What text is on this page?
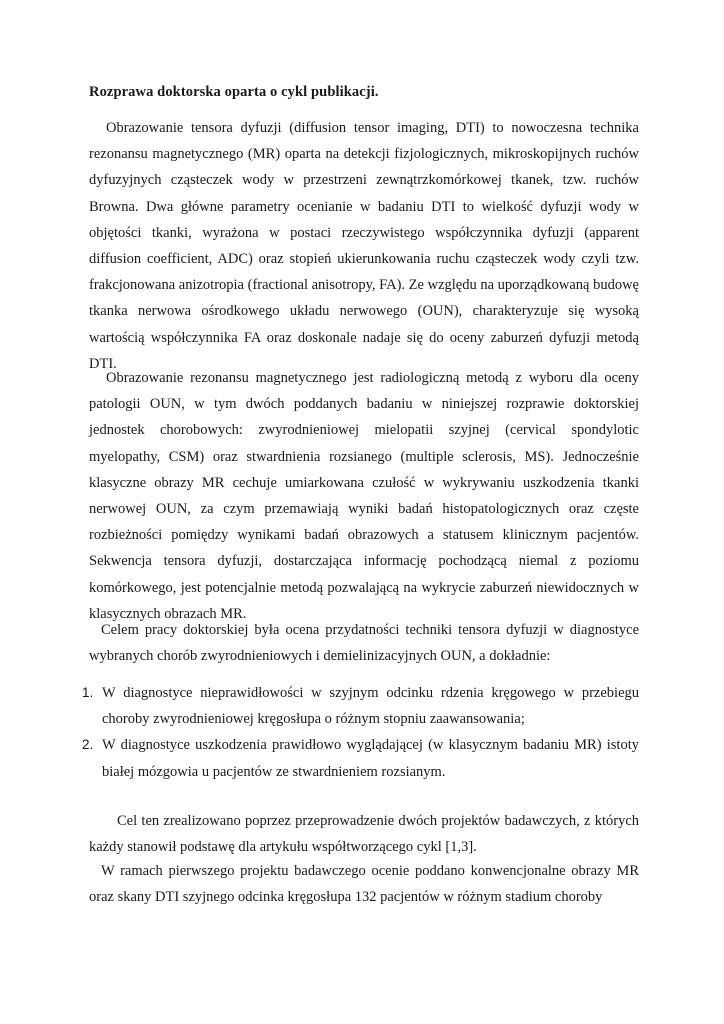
Rozprawa doktorska oparta o cykl publikacji.

Obrazowanie tensora dyfuzji (diffusion tensor imaging, DTI) to nowoczesna technika rezonansu magnetycznego (MR) oparta na detekcji fizjologicznych, mikroskopijnych ruchów dyfuzyjnych cząsteczek wody w przestrzeni zewnątrzkomórkowej tkanek, tzw. ruchów Browna. Dwa główne parametry ocenianie w badaniu DTI to wielkość dyfuzji wody w objętości tkanki, wyrażona w postaci rzeczywistego współczynnika dyfuzji (apparent diffusion coefficient, ADC) oraz stopień ukierunkowania ruchu cząsteczek wody czyli tzw. frakcjonowana anizotropia (fractional anisotropy, FA). Ze względu na uporządkowaną budowę tkanka nerwowa ośrodkowego układu nerwowego (OUN), charakteryzuje się wysoką wartością współczynnika FA oraz doskonale nadaje się do oceny zaburzeń dyfuzji metodą DTI.

Obrazowanie rezonansu magnetycznego jest radiologiczną metodą z wyboru dla oceny patologii OUN, w tym dwóch poddanych badaniu w niniejszej rozprawie doktorskiej jednostek chorobowych: zwyrodnieniowej mielopatii szyjnej (cervical spondylotic myelopathy, CSM) oraz stwardnienia rozsianego (multiple sclerosis, MS). Jednocześnie klasyczne obrazy MR cechuje umiarkowana czułość w wykrywaniu uszkodzenia tkanki nerwowej OUN, za czym przemawiają wyniki badań histopatologicznych oraz częste rozbieżności pomiędzy wynikami badań obrazowych a statusem klinicznym pacjentów. Sekwencja tensora dyfuzji, dostarczająca informację pochodzącą niemal z poziomu komórkowego, jest potencjalnie metodą pozwalającą na wykrycie zaburzeń niewidocznych w klasycznych obrazach MR.

Celem pracy doktorskiej była ocena przydatności techniki tensora dyfuzji w diagnostyce wybranych chorób zwyrodnieniowych i demielinizacyjnych OUN, a dokładnie:

1. W diagnostyce nieprawidłowości w szyjnym odcinku rdzenia kręgowego w przebiegu choroby zwyrodnieniowej kręgosłupa o różnym stopniu zaawansowania;
2. W diagnostyce uszkodzenia prawidłowo wyglądającej (w klasycznym badaniu MR) istoty białej mózgowia u pacjentów ze stwardnieniem rozsianym.

Cel ten zrealizowano poprzez przeprowadzenie dwóch projektów badawczych, z których każdy stanowił podstawę dla artykułu współtworzącego cykl [1,3].

W ramach pierwszego projektu badawczego ocenie poddano konwencjonalne obrazy MR oraz skany DTI szyjnego odcinka kręgosłupa 132 pacjentów w różnym stadium choroby
